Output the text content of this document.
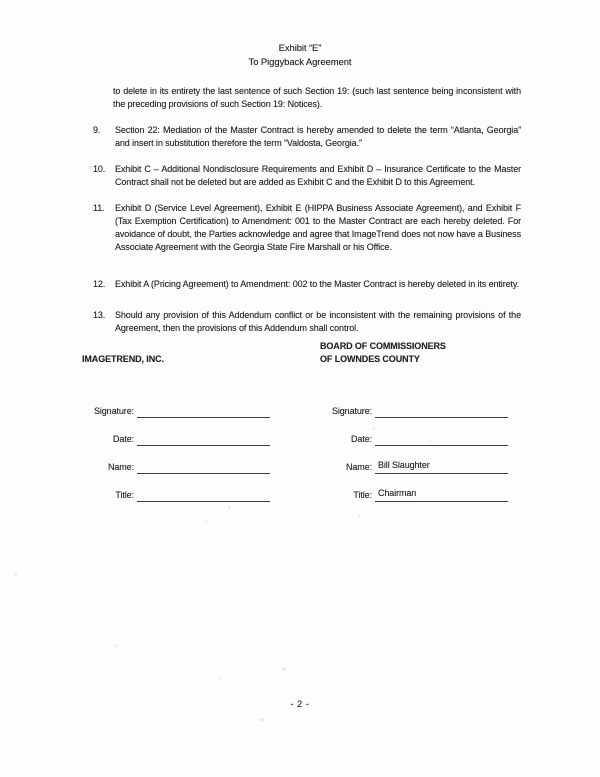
Exhibit “E”
To Piggyback Agreement

to delete in its entirety the last sentence of such Section 19: (such last sentence being inconsistent with the preceding provisions of such Section 19: Notices).

9.	Section 22: Mediation of the Master Contract is hereby amended to delete the term “Atlanta, Georgia” and insert in substitution therefore the term “Valdosta, Georgia.”
10.	Exhibit C – Additional Nondisclosure Requirements and Exhibit D – Insurance Certificate to the Master Contract shall not be deleted but are added as Exhibit C and the Exhibit D to this Agreement.
11.	Exhibit D (Service Level Agreement), Exhibit E (HIPPA Business Associate Agreement), and Exhibit F (Tax Exemption Certification) to Amendment: 001 to the Master Contract are each hereby deleted. For avoidance of doubt, the Parties acknowledge and agree that ImageTrend does not now have a Business Associate Agreement with the Georgia State Fire Marshall or his Office.
12.	Exhibit A (Pricing Agreement) to Amendment: 002 to the Master Contract is hereby deleted in its entirety.
13.	Should any provision of this Addendum conflict or be inconsistent with the remaining provisions of the Agreement, then the provisions of this Addendum shall control.
IMAGETREND, INC.
Signature:
Date:
Name:
Title:
BOARD OF COMMISSIONERS
OF LOWNDES COUNTY
Signature:
Date:
Name: Bill Slaughter
Title: Chairman
- 2 -
